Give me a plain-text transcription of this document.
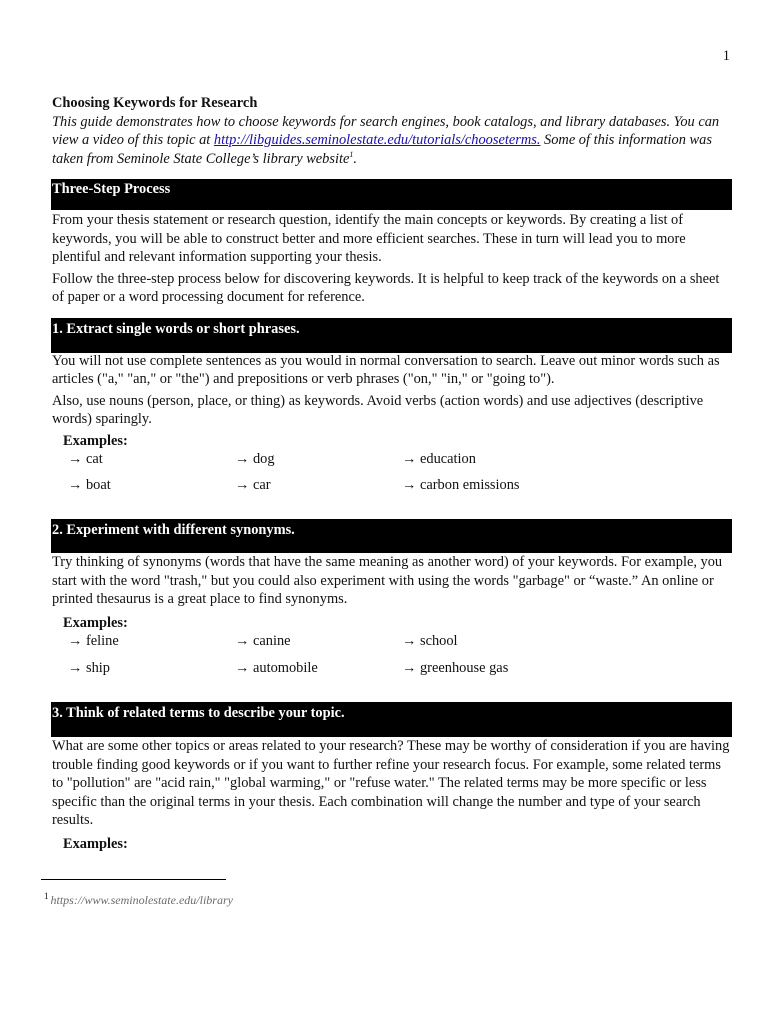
1

Choosing Keywords for Research

This guide demonstrates how to choose keywords for search engines, book catalogs, and library databases. You can view a video of this topic at http://libguides.seminolestate.edu/tutorials/chooseterms. Some of this information was taken from Seminole State College’s library website$^1$.

Three-Step Process

From your thesis statement or research question, identify the main concepts or keywords. By creating a list of keywords, you will be able to construct better and more efficient searches. These in turn will lead you to more plentiful and relevant information supporting your thesis.

Follow the three-step process below for discovering keywords. It is helpful to keep track of the keywords on a sheet of paper or a word processing document for reference.

1. Extract single words or short phrases.

You will not use complete sentences as you would in normal conversation to search. Leave out minor words such as articles ("a," "an," or "the") and prepositions or verb phrases ("on," "in," or "going to").

Also, use nouns (person, place, or thing) as keywords. Avoid verbs (action words) and use adjectives (descriptive words) sparingly.

Examples:
→ cat	→ dog	→ education
→ boat	→ car	→ carbon emissions
2. Experiment with different synonyms.

Try thinking of synonyms (words that have the same meaning as another word) of your keywords. For example, you start with the word "trash," but you could also experiment with using the words "garbage" or “waste.” An online or printed thesaurus is a great place to find synonyms.

Examples:
→ feline	→ canine	→ school
→ ship	→ automobile	→ greenhouse gas
3. Think of related terms to describe your topic.

What are some other topics or areas related to your research? These may be worthy of consideration if you are having trouble finding good keywords or if you want to further refine your research focus. For example, some related terms to "pollution" are "acid rain," "global warming," or "refuse water." The related terms may be more specific or less specific than the original terms in your thesis. Each combination will change the number and type of your search results.

Examples:
$^1$ https://www.seminolestate.edu/library
